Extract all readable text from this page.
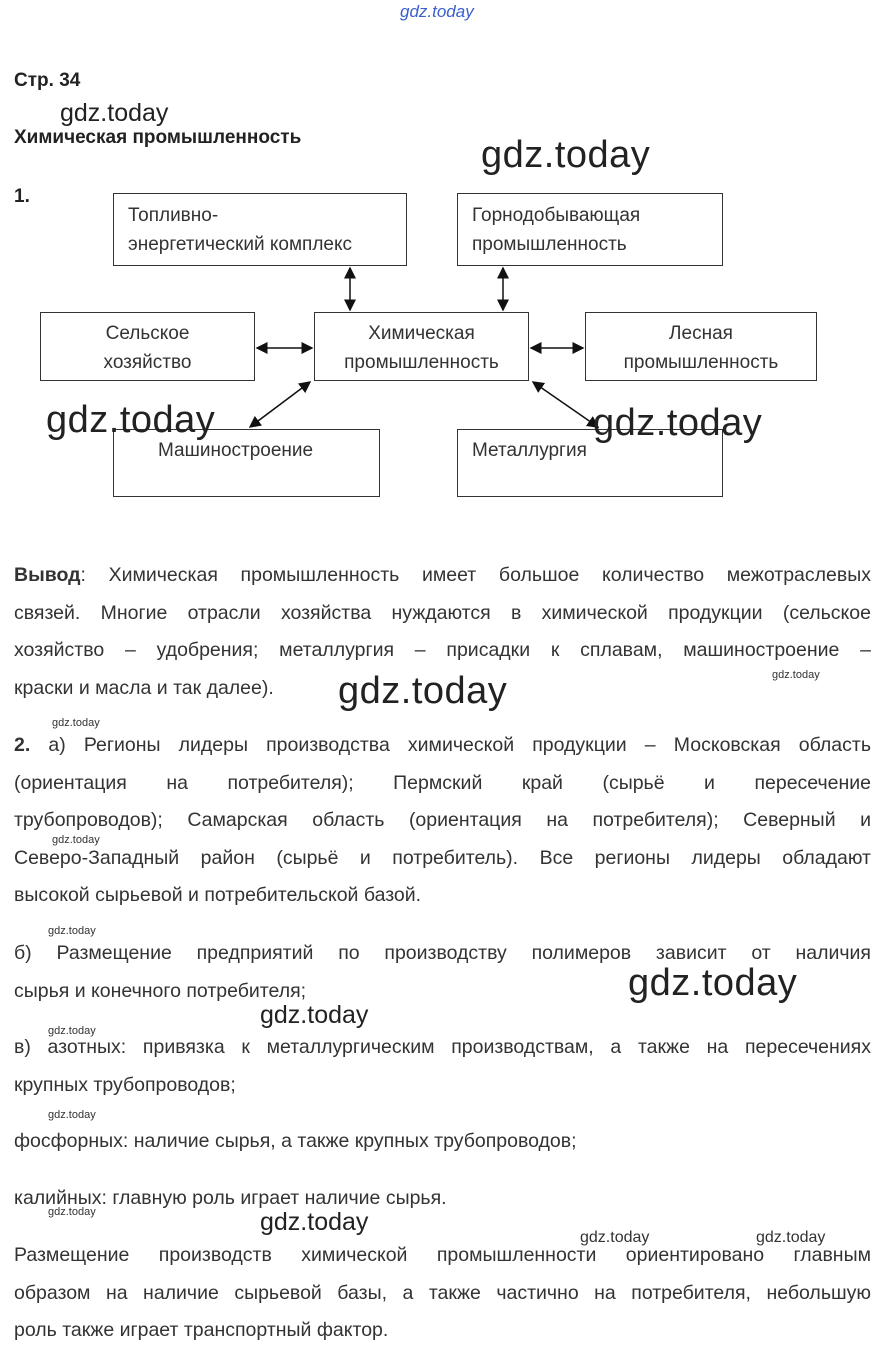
gdz.today
Стр. 34
Химическая промышленность
1.
Топливно-
энергетический комплекс
Горнодобывающая
промышленность
Сельское
хозяйство
Химическая
промышленность
Лесная
промышленность
Машиностроение	Металлургия
Вывод: Химическая промышленность имеет большое количество межотраслевых
связей. Многие отрасли хозяйства нуждаются в химической продукции (сельское
хозяйство – удобрения; металлургия – присадки к сплавам, машиностроение –
краски и масла и так далее).
2. а) Регионы лидеры производства химической продукции – Московская область
(ориентация на потребителя); Пермский край (сырьё и пересечение
трубопроводов); Самарская область (ориентация на потребителя); Северный и
Северо-Западный район (сырьё и потребитель). Все регионы лидеры обладают
высокой сырьевой и потребительской базой.
б) Размещение предприятий по производству полимеров зависит от наличия
сырья и конечного потребителя;
в) азотных: привязка к металлургическим производствам, а также на пересечениях
крупных трубопроводов;
фосфорных: наличие сырья, а также крупных трубопроводов;
калийных: главную роль играет наличие сырья.
Размещение производств химической промышленности ориентировано главным
образом на наличие сырьевой базы, а также частично на потребителя, небольшую
роль также играет транспортный фактор.
gdz.today
gdz.today
gdz.today	gdz.today
gdz.today	gdz.today
gdz.today
gdz.today
gdz.today
gdz.today
gdz.today
gdz.today
gdz.today
gdz.today	gdz.today
gdz.today	gdz.today
